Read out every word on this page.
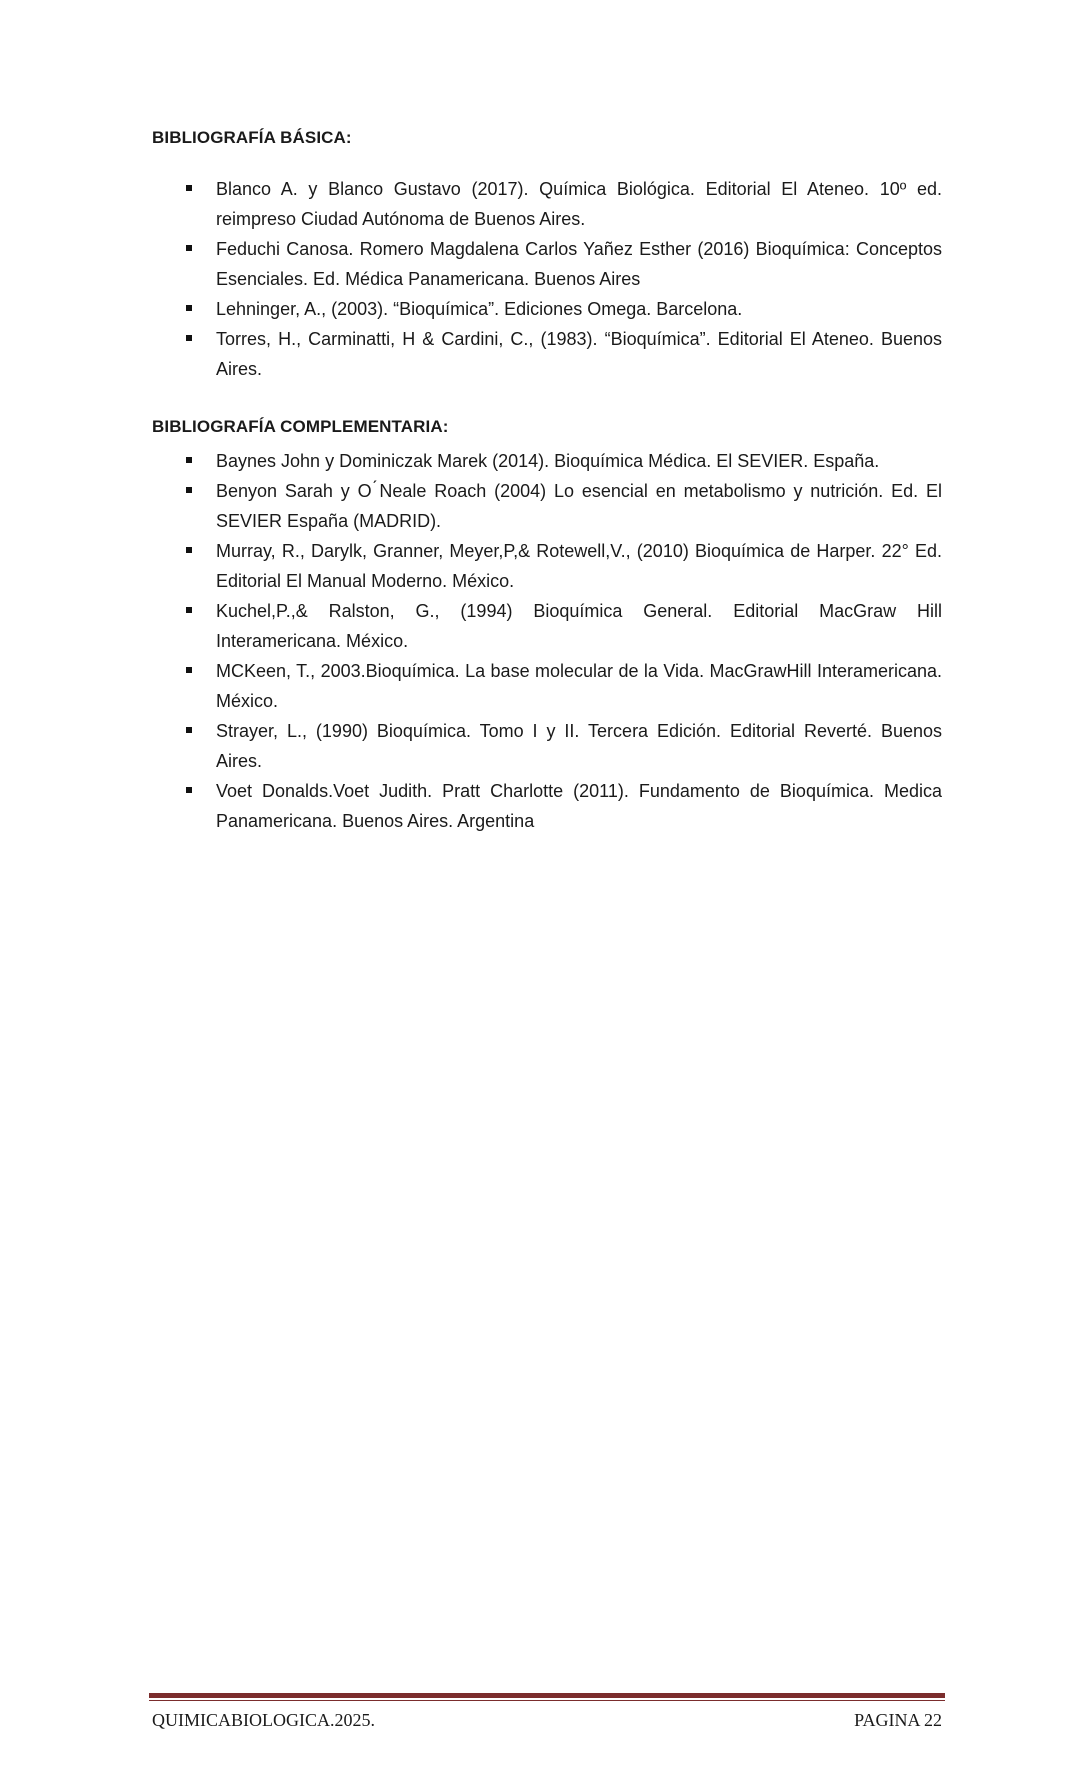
BIBLIOGRAFÍA BÁSICA:
Blanco A. y Blanco Gustavo (2017). Química Biológica. Editorial El Ateneo. 10º ed. reimpreso Ciudad Autónoma de Buenos Aires.
Feduchi Canosa. Romero Magdalena Carlos Yañez Esther (2016) Bioquímica: Conceptos    Esenciales. Ed. Médica Panamericana. Buenos Aires
Lehninger, A., (2003). “Bioquímica”. Ediciones Omega. Barcelona.
Torres, H., Carminatti, H & Cardini, C., (1983). “Bioquímica”. Editorial El Ateneo. Buenos Aires.
BIBLIOGRAFÍA COMPLEMENTARIA:
Baynes John y Dominiczak Marek (2014). Bioquímica Médica. El SEVIER. España.
Benyon Sarah y O ́Neale Roach (2004) Lo esencial en metabolismo y nutrición. Ed. El SEVIER España (MADRID).
Murray, R., Darylk, Granner, Meyer,P,& Rotewell,V., (2010) Bioquímica de Harper. 22° Ed. Editorial El Manual Moderno. México.
Kuchel,P.,& Ralston, G., (1994) Bioquímica General. Editorial MacGraw Hill Interamericana. México.
MCKeen, T., 2003.Bioquímica. La base molecular de la Vida. MacGrawHill Interamericana. México.
Strayer, L., (1990) Bioquímica. Tomo I y II. Tercera Edición. Editorial Reverté. Buenos Aires.
Voet Donalds.Voet Judith. Pratt Charlotte (2011). Fundamento de Bioquímica. Medica Panamericana. Buenos Aires. Argentina
QUIMICABIOLOGICA.2025.	PAGINA 22
